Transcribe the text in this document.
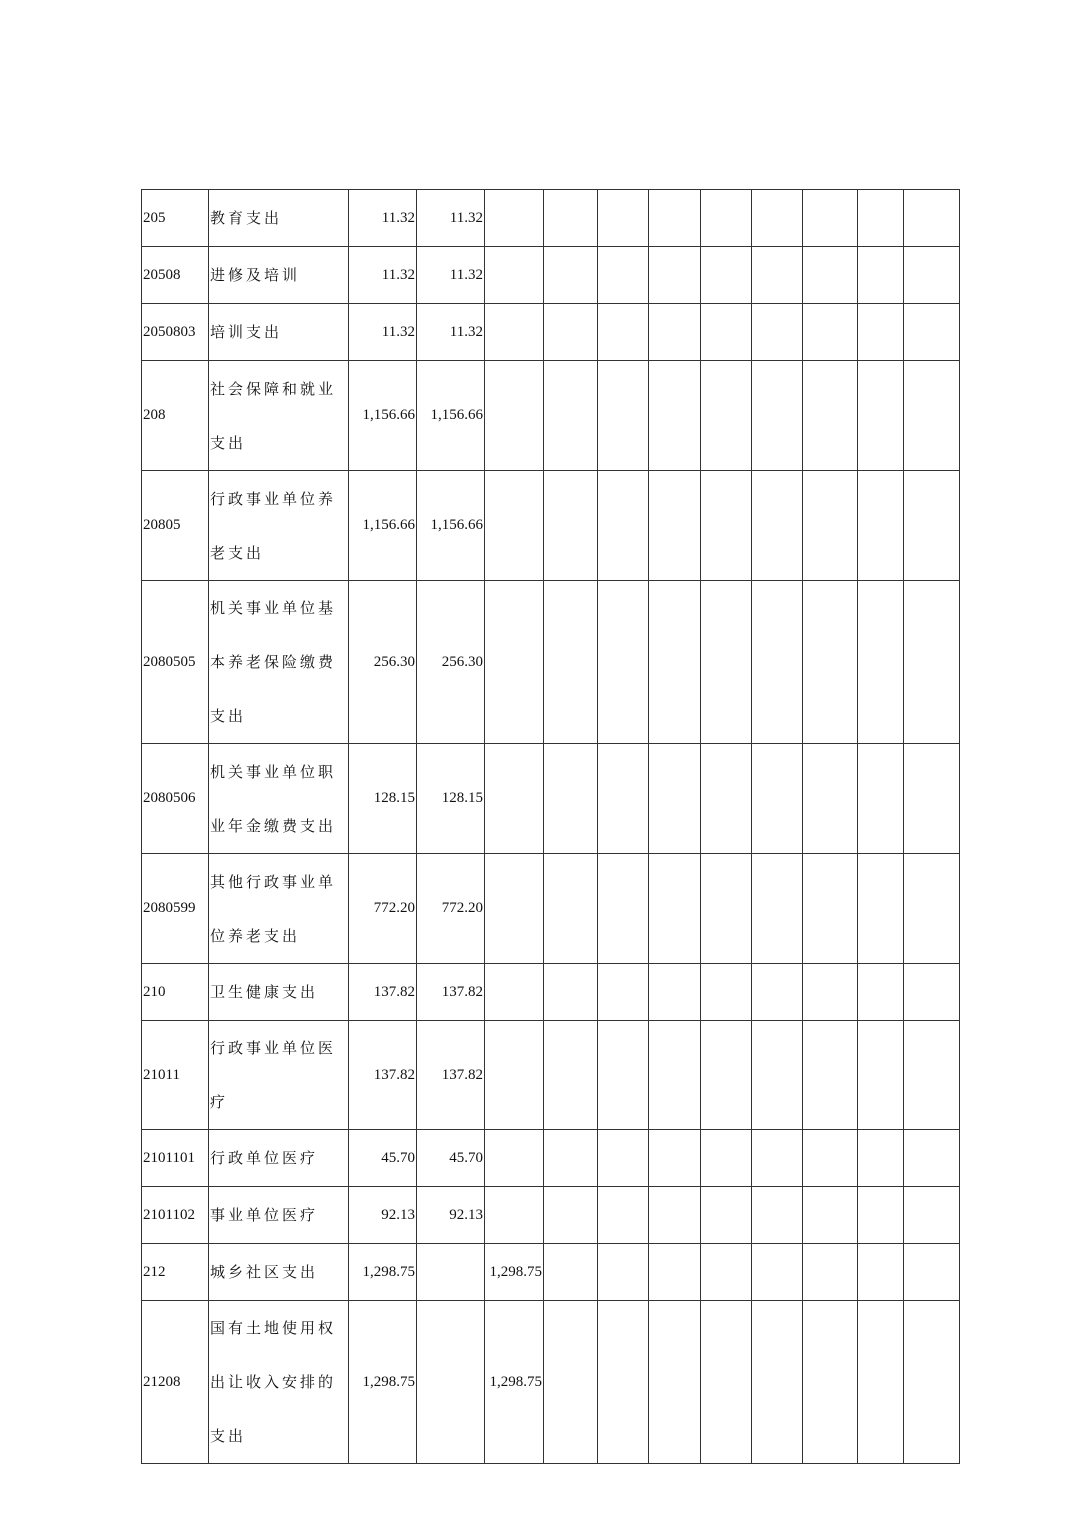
205	教育支出	11.32	11.32									
20508	进修及培训	11.32	11.32									
2050803	培训支出	11.32	11.32									
208	社会保障和就业支出	1,156.66	1,156.66									
20805	行政事业单位养老支出	1,156.66	1,156.66									
2080505	机关事业单位基本养老保险缴费支出	256.30	256.30									
2080506	机关事业单位职业年金缴费支出	128.15	128.15									
2080599	其他行政事业单位养老支出	772.20	772.20									
210	卫生健康支出	137.82	137.82									
21011	行政事业单位医疗	137.82	137.82									
2101101	行政单位医疗	45.70	45.70									
2101102	事业单位医疗	92.13	92.13									
212	城乡社区支出	1,298.75		1,298.75								
21208	国有土地使用权出让收入安排的支出	1,298.75		1,298.75								
